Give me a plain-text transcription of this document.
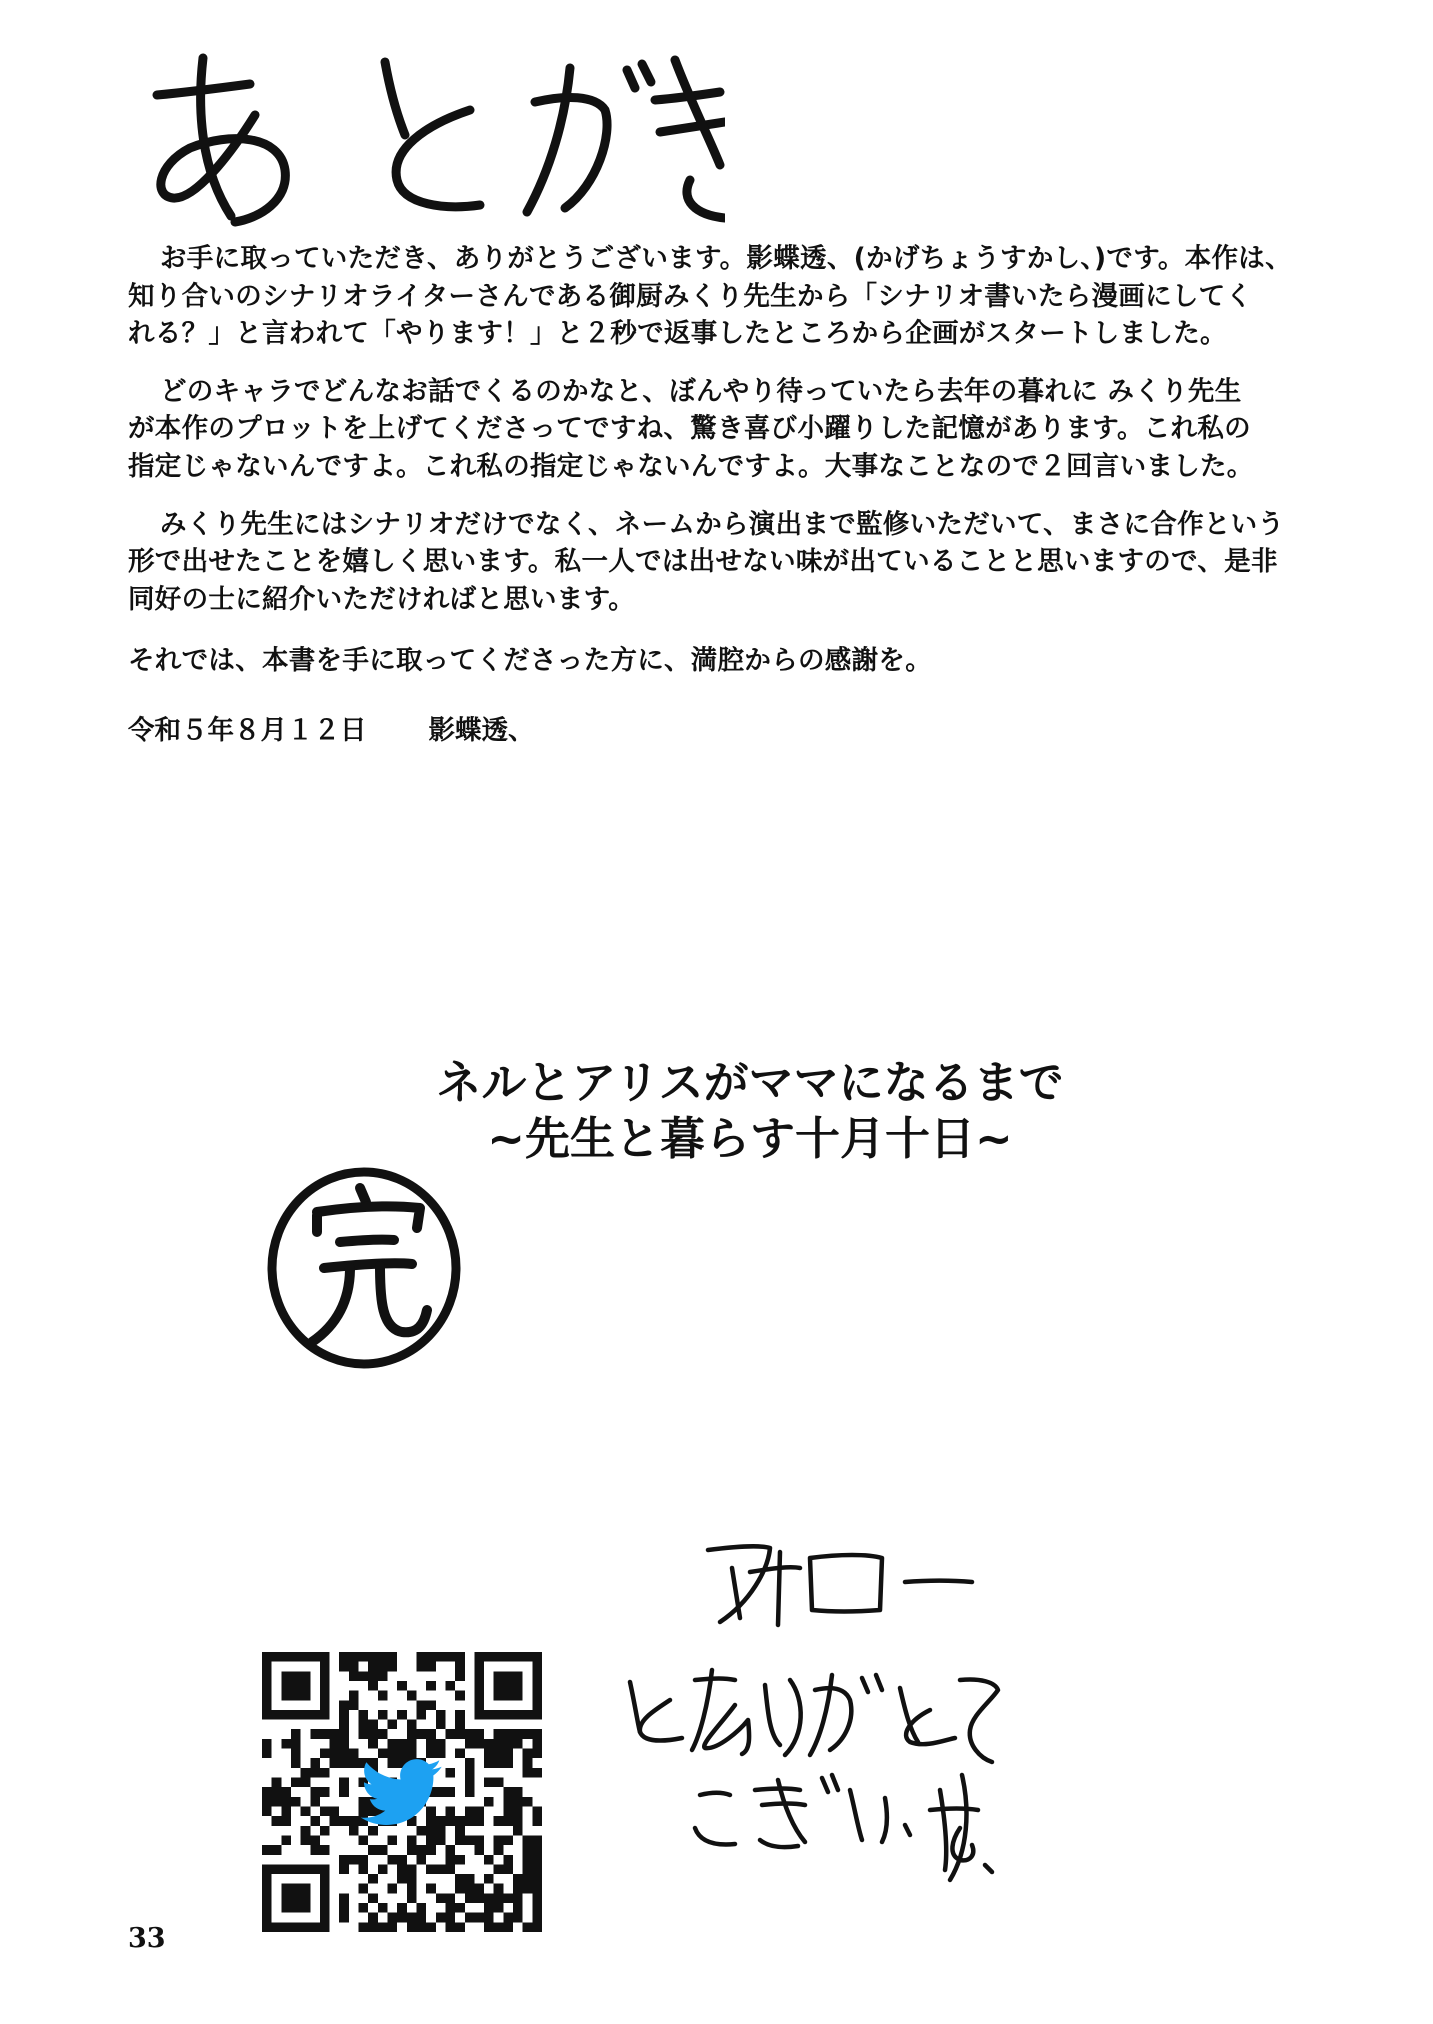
お手に取っていただき、ありがとうございます。影蝶透、(かげちょうすかし、)です。本作は、

知り合いのシナリオライターさんである御厨みくり先生から「シナリオ書いたら漫画にしてく

れる？」と言われて「やります！」と２秒で返事したところから企画がスタートしました。

どのキャラでどんなお話でくるのかなと、ぼんやり待っていたら去年の暮れに みくり先生

が本作のプロットを上げてくださってですね、驚き喜び小躍りした記憶があります。これ私の

指定じゃないんですよ。これ私の指定じゃないんですよ。大事なことなので２回言いました。

みくり先生にはシナリオだけでなく、ネームから演出まで監修いただいて、まさに合作という

形で出せたことを嬉しく思います。私一人では出せない味が出ていることと思いますので、是非

同好の士に紹介いただければと思います。

それでは、本書を手に取ってくださった方に、満腔からの感謝を。

令和５年８月１２日 影蝶透、
ネルとアリスがママになるまで
~先生と暮らす十月十日~
33
